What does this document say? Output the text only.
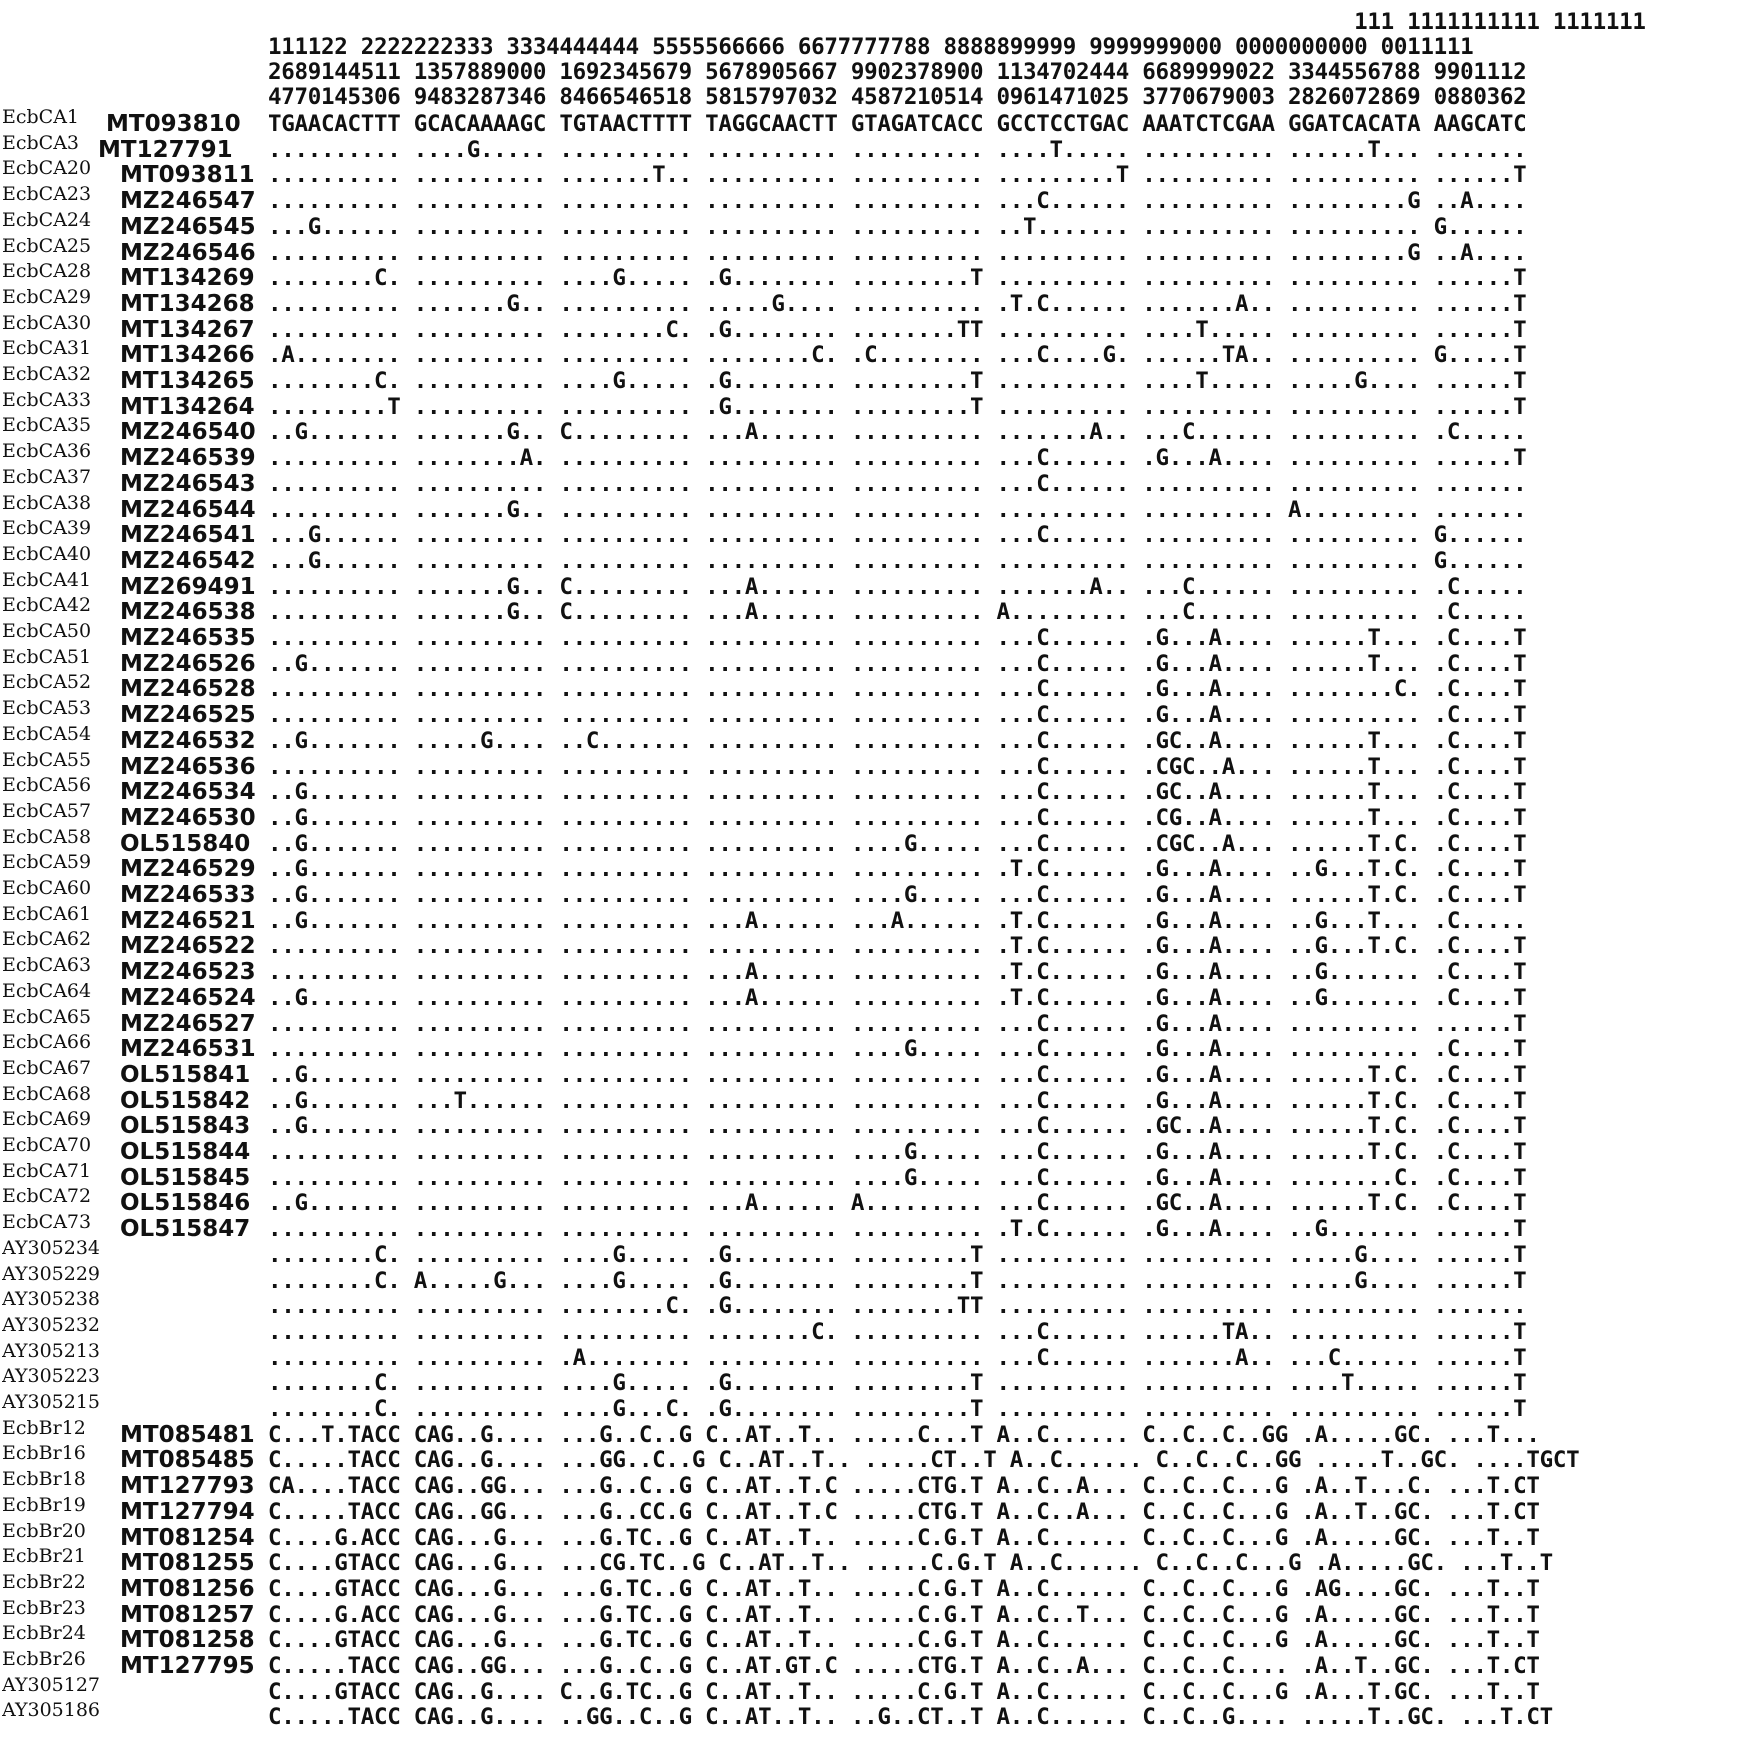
111 1111111111 1111111
111122 2222222333 3334444444 5555566666 6677777788 8888899999 9999999000 0000000000 0011111
2689144511 1357889000 1692345679 5678905667 9902378900 1134702444 6689999022 3344556788 9901112
4770145306 9483287346 8466546518 5815797032 4587210514 0961471025 3770679003 2826072869 0880362
EcbCA1	MT093810 TGAACACTTT GCACAAAAGC TGTAACTTTT TAGGCAACTT GTAGATCACC GCCTCCTGAC AAATCTCGAA GGATCACATA AAGCATC
EcbCA3 MT127791 .......... ....G..... .......... .......... .......... ....T..... .......... ......T... .......
EcbCA20	MT093811 .......... .......... .......T.. .......... .......... .........T .......... .......... ......T
EcbCA23	MZ246547 .......... .......... .......... .......... .......... ...C...... .......... .........G ..A....
EcbCA24	MZ246545 ...G...... .......... .......... .......... .......... ..T....... .......... .......... G......
EcbCA25	MZ246546 .......... .......... .......... .......... .......... .......... .......... .........G ..A....
EcbCA28	MT134269 ........C. .......... ....G..... .G........ .........T .......... .......... .......... ......T
EcbCA29	MT134268 .......... .......G.. .......... .....G.... .......... .T.C...... .......A.. .......... ......T
EcbCA30	MT134267 .......... .......... ........C. .G........ ........TT .......... ....T..... .......... ......T
EcbCA31	MT134266 .A........ .......... .......... ........C. .C........ ...C....G. ......TA.. .......... G.....T
EcbCA32	MT134265 ........C. .......... ....G..... .G........ .........T .......... ....T..... .....G.... ......T
EcbCA33	MT134264 .........T .......... .......... .G........ .........T .......... .......... .......... ......T
EcbCA35	MZ246540 ..G....... .......G.. C......... ...A...... .......... .......A.. ...C...... .......... .C.....
EcbCA36	MZ246539 .......... ........A. .......... .......... .......... ...C...... .G...A.... .......... ......T
EcbCA37	MZ246543 .......... .......... .......... .......... .......... ...C...... .......... .......... .......
EcbCA38	MZ246544 .......... .......G.. .......... .......... .......... .......... .......... A......... .......
EcbCA39	MZ246541 ...G...... .......... .......... .......... .......... ...C...... .......... .......... G......
EcbCA40	MZ246542 ...G...... .......... .......... .......... .......... .......... .......... .......... G......
EcbCA41	MZ269491 .......... .......G.. C......... ...A...... .......... .......A.. ...C...... .......... .C.....
EcbCA42	MZ246538 .......... .......G.. C......... ...A...... .......... A......... ...C...... .......... .C.....
EcbCA50	MZ246535 .......... .......... .......... .......... .......... ...C...... .G...A.... ......T... .C....T
EcbCA51	MZ246526 ..G....... .......... .......... .......... .......... ...C...... .G...A.... ......T... .C....T
EcbCA52	MZ246528 .......... .......... .......... .......... .......... ...C...... .G...A.... ........C. .C....T
EcbCA53	MZ246525 .......... .......... .......... .......... .......... ...C...... .G...A.... .......... .C....T
EcbCA54	MZ246532 ..G....... .....G.... ..C....... .......... .......... ...C...... .GC..A.... ......T... .C....T
EcbCA55	MZ246536 .......... .......... .......... .......... .......... ...C...... .CGC..A... ......T... .C....T
EcbCA56	MZ246534 ..G....... .......... .......... .......... .......... ...C...... .GC..A.... ......T... .C....T
EcbCA57	MZ246530 ..G....... .......... .......... .......... .......... ...C...... .CG..A.... ......T... .C....T
EcbCA58	OL515840 ..G....... .......... .......... .......... ....G..... ...C...... .CGC..A... ......T.C. .C....T
EcbCA59	MZ246529 ..G....... .......... .......... .......... .......... .T.C...... .G...A.... ..G...T.C. .C....T
EcbCA60	MZ246533 ..G....... .......... .......... .......... ....G..... ...C...... .G...A.... ......T.C. .C....T
EcbCA61	MZ246521 ..G....... .......... .......... ...A...... ...A...... .T.C...... .G...A.... ..G...T... .C.....
EcbCA62	MZ246522 .......... .......... .......... .......... .......... .T.C...... .G...A.... ..G...T.C. .C....T
EcbCA63	MZ246523 .......... .......... .......... ...A...... .......... .T.C...... .G...A.... ..G....... .C....T
EcbCA64	MZ246524 ..G....... .......... .......... ...A...... .......... .T.C...... .G...A.... ..G....... .C....T
EcbCA65	MZ246527 .......... .......... .......... .......... .......... ...C...... .G...A.... .......... ......T
EcbCA66	MZ246531 .......... .......... .......... .......... ....G..... ...C...... .G...A.... .......... .C....T
EcbCA67	OL515841 ..G....... .......... .......... .......... .......... ...C...... .G...A.... ......T.C. .C....T
EcbCA68	OL515842 ..G....... ...T...... .......... .......... .......... ...C...... .G...A.... ......T.C. .C....T
EcbCA69	OL515843 ..G....... .......... .......... .......... .......... ...C...... .GC..A.... ......T.C. .C....T
EcbCA70	OL515844 .......... .......... .......... .......... ....G..... ...C...... .G...A.... ......T.C. .C....T
EcbCA71	OL515845 .......... .......... .......... .......... ....G..... ...C...... .G...A.... ........C. .C....T
EcbCA72	OL515846 ..G....... .......... .......... ...A...... A......... ...C...... .GC..A.... ......T.C. .C....T
EcbCA73	OL515847 .......... .......... .......... .......... .......... .T.C...... .G...A.... ..G....... ......T
AY305234	........C. .......... ....G..... .G........ .........T .......... .......... .....G.... ......T
AY305229	........C. A.....G... ....G..... .G........ .........T .......... .......... .....G.... ......T
AY305238	.......... .......... ........C. .G........ ........TT .......... .......... .......... .......
AY305232	.......... .......... .......... ........C. .......... ...C...... ......TA.. .......... ......T
AY305213	.......... .......... .A........ .......... .......... ...C...... .......A.. ...C...... ......T
AY305223	........C. .......... ....G..... .G........ .........T .......... .......... ....T..... ......T
AY305215	........C. .......... ....G...C. .G........ .........T .......... .......... .......... ......T
EcbBr12	MT085481 C...T.TACC CAG..G.... ...G..C..G C..AT..T.. .....C...T A..C...... C..C..C..GG .A.....GC. ...T...
EcbBr16	MT085485 C.....TACC CAG..G.... ...GG..C..G C..AT..T.. .....CT..T A..C...... C..C..C..GG .....T..GC. ....TGCT
EcbBr18	MT127793 CA....TACC CAG..GG... ...G..C..G C..AT..T.C .....CTG.T A..C..A... C..C..C...G .A..T...C. ...T.CT
EcbBr19	MT127794 C.....TACC CAG..GG... ...G..CC.G C..AT..T.C .....CTG.T A..C..A... C..C..C...G .A..T..GC. ...T.CT
EcbBr20	MT081254 C....G.ACC CAG...G... ...G.TC..G C..AT..T.. .....C.G.T A..C...... C..C..C...G .A.....GC. ...T..T
EcbBr21	MT081255 C....GTACC CAG...G... ...CG.TC..G C..AT..T.. .....C.G.T A..C...... C..C..C...G .A.....GC. ...T..T
EcbBr22	MT081256 C....GTACC CAG...G... ...G.TC..G C..AT..T.. .....C.G.T A..C...... C..C..C...G .AG....GC. ...T..T
EcbBr23	MT081257 C....G.ACC CAG...G... ...G.TC..G C..AT..T.. .....C.G.T A..C..T... C..C..C...G .A.....GC. ...T..T
EcbBr24	MT081258 C....GTACC CAG...G... ...G.TC..G C..AT..T.. .....C.G.T A..C...... C..C..C...G .A.....GC. ...T..T
EcbBr26	MT127795 C.....TACC CAG..GG... ...G..C..G C..AT.GT.C .....CTG.T A..C..A... C..C..C.... .A..T..GC. ...T.CT
AY305127	C....GTACC CAG..G.... C..G.TC..G C..AT..T.. .....C.G.T A..C...... C..C..C...G .A...T.GC. ...T..T
AY305186	C.....TACC CAG..G.... ..GG..C..G C..AT..T.. ..G..CT..T A..C...... C..C..G.... .....T..GC. ...T.CT
